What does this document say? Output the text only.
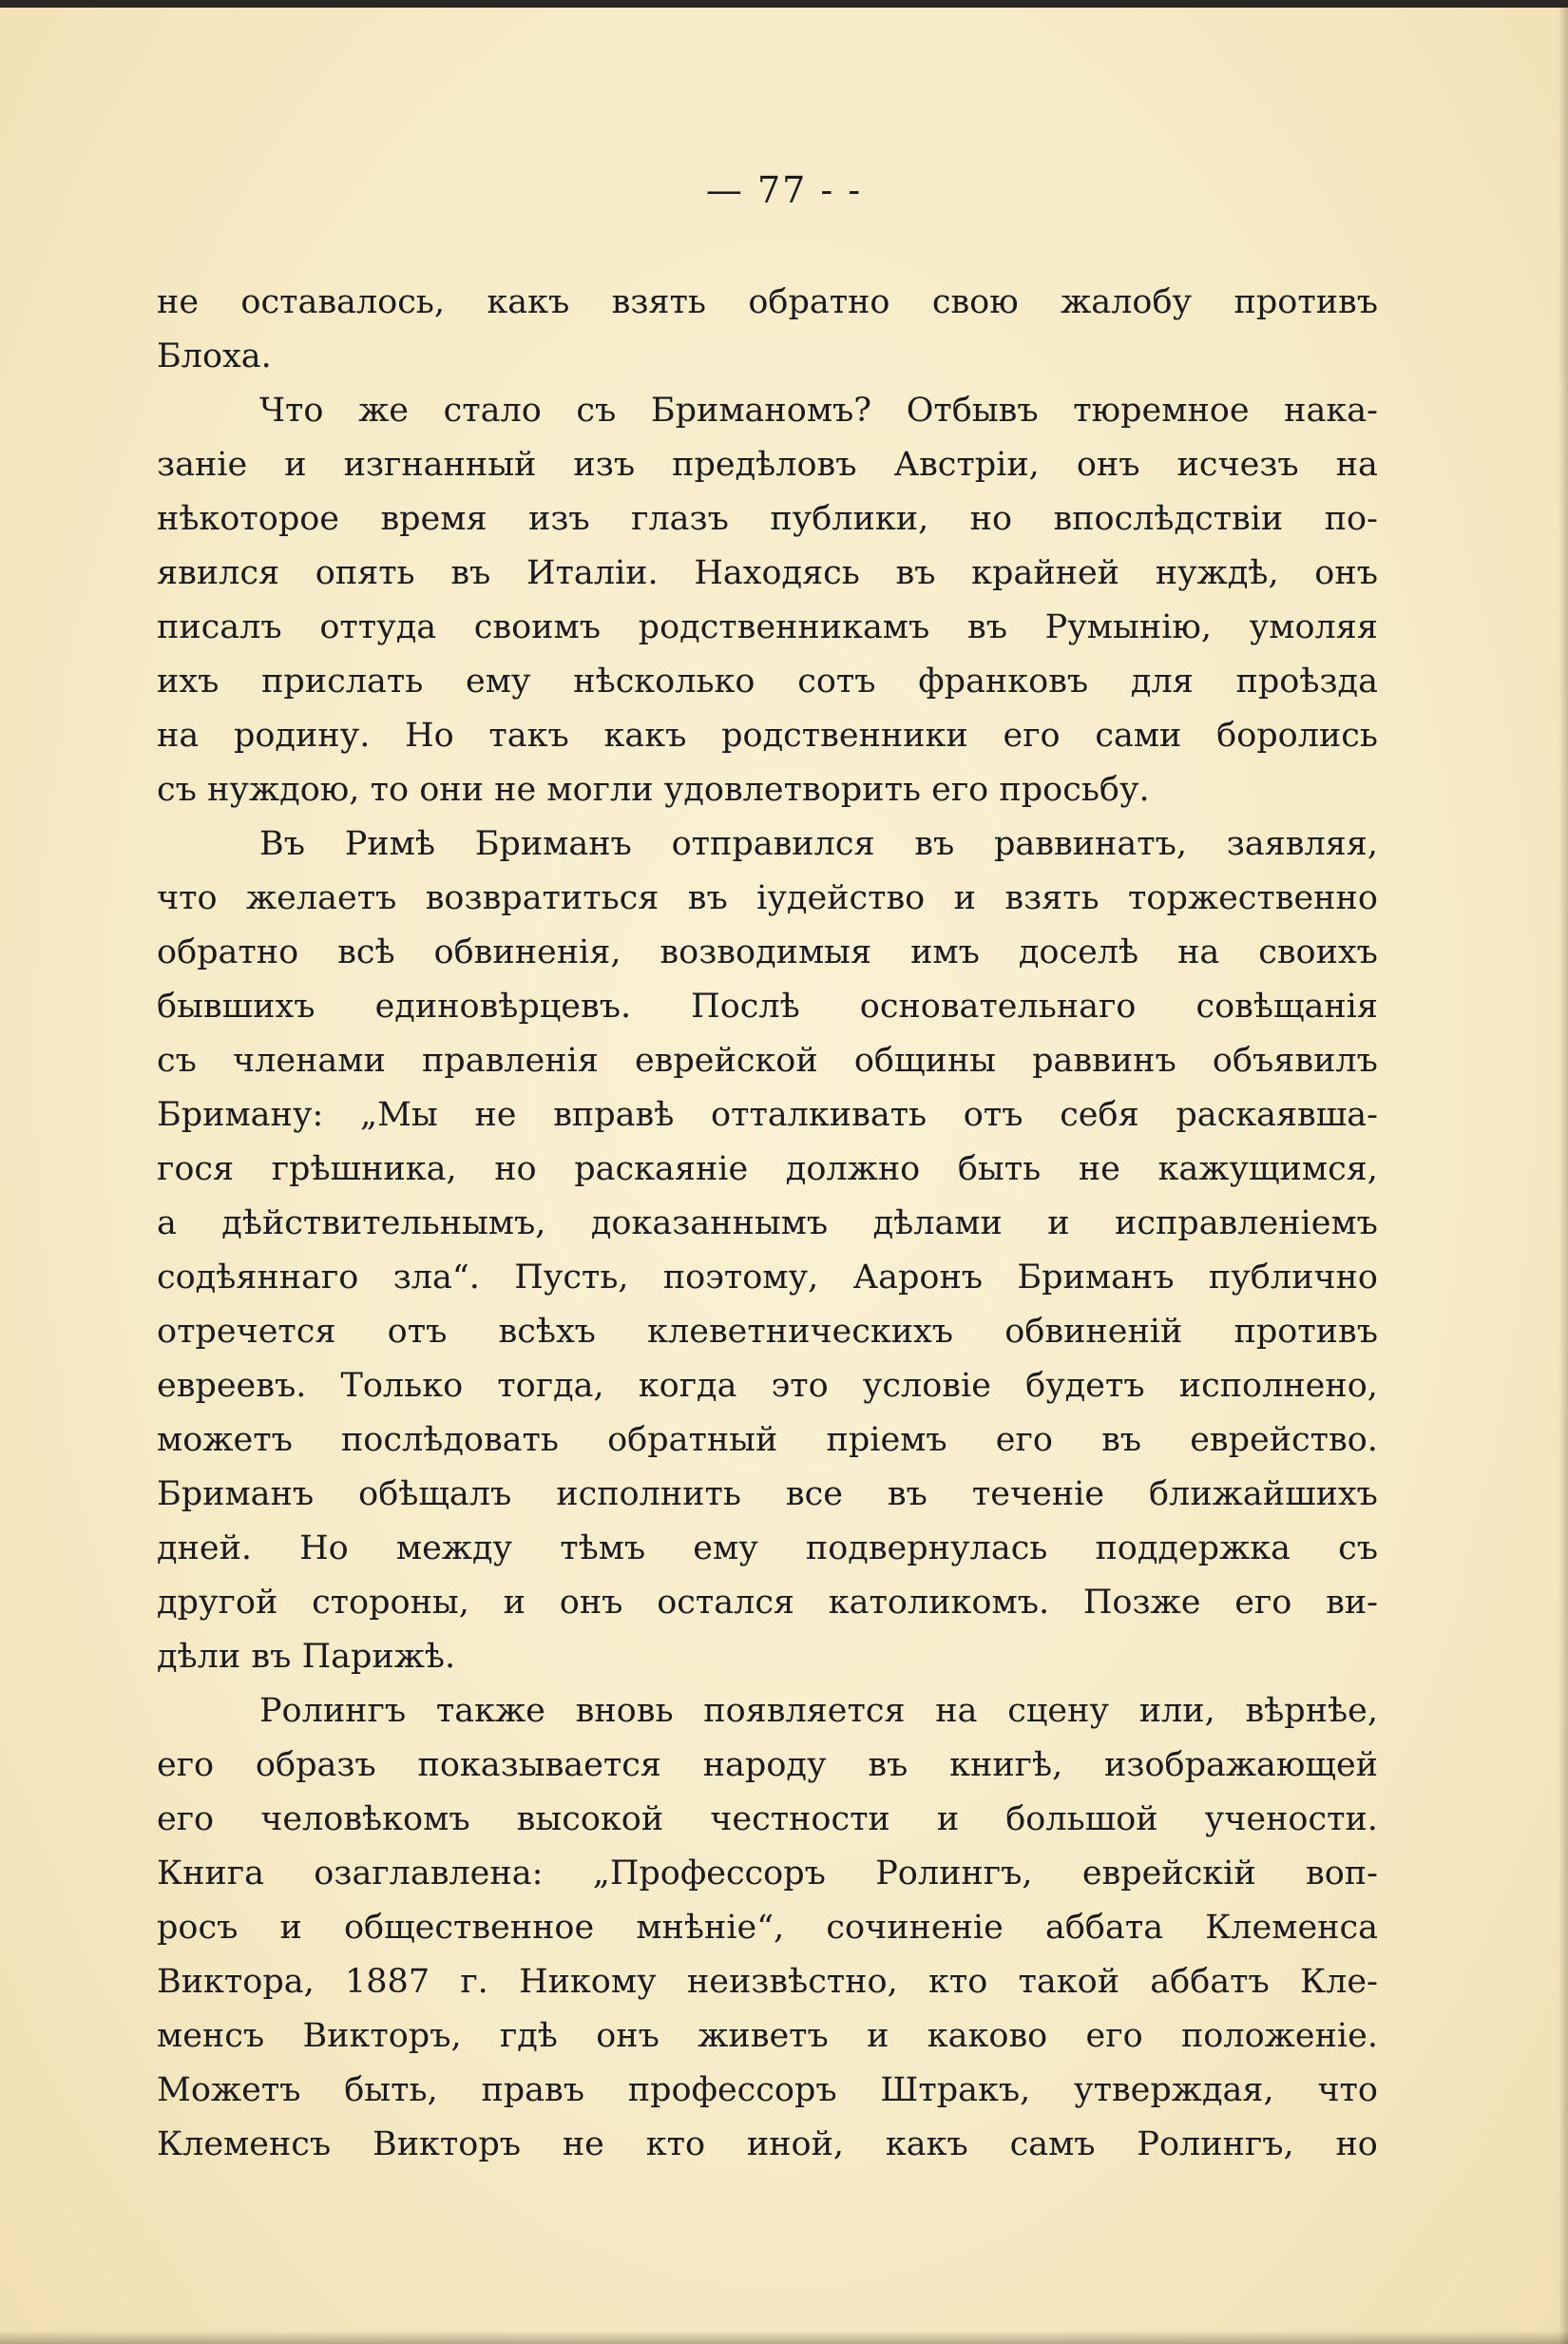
— 77 - -
не оставалось, какъ взять обратно свою жалобу противъ
Блоха.
Что же стало съ Бриманомъ? Отбывъ тюремное нака-
заніе и изгнанный изъ предѣловъ Австріи, онъ исчезъ на
нѣкоторое время изъ глазъ публики, но впослѣдствіи по-
явился опять въ Италіи. Находясь въ крайней нуждѣ, онъ
писалъ оттуда своимъ родственникамъ въ Румынію, умоляя
ихъ прислать ему нѣсколько сотъ франковъ для проѣзда
на родину. Но такъ какъ родственники его сами боролись
съ нуждою, то они не могли удовлетворить его просьбу.
Въ Римѣ Бриманъ отправился въ раввинатъ, заявляя,
что желаетъ возвратиться въ іудейство и взять торжественно
обратно всѣ обвиненія, возводимыя имъ доселѣ на своихъ
бывшихъ единовѣрцевъ. Послѣ основательнаго совѣщанія
съ членами правленія еврейской общины раввинъ объявилъ
Бриману: „Мы не вправѣ отталкивать отъ себя раскаявша-
гося грѣшника, но раскаяніе должно быть не кажущимся,
а дѣйствительнымъ, доказаннымъ дѣлами и исправленіемъ
содѣяннаго зла“. Пусть, поэтому, Ааронъ Бриманъ публично
отречется отъ всѣхъ клеветническихъ обвиненій противъ
евреевъ. Только тогда, когда это условіе будетъ исполнено,
можетъ послѣдовать обратный пріемъ его въ еврейство.
Бриманъ обѣщалъ исполнить все въ теченіе ближайшихъ
дней. Но между тѣмъ ему подвернулась поддержка съ
другой стороны, и онъ остался католикомъ. Позже его ви-
дѣли въ Парижѣ.
Ролингъ также вновь появляется на сцену или, вѣрнѣе,
его образъ показывается народу въ книгѣ, изображающей
его человѣкомъ высокой честности и большой учености.
Книга озаглавлена: „Профессоръ Ролингъ, еврейскій воп-
росъ и общественное мнѣніе“, сочиненіе аббата Клеменса
Виктора, 1887 г. Никому неизвѣстно, кто такой аббатъ Кле-
менсъ Викторъ, гдѣ онъ живетъ и каково его положеніе.
Можетъ быть, правъ профессоръ Штракъ, утверждая, что
Клеменсъ Викторъ не кто иной, какъ самъ Ролингъ, но
